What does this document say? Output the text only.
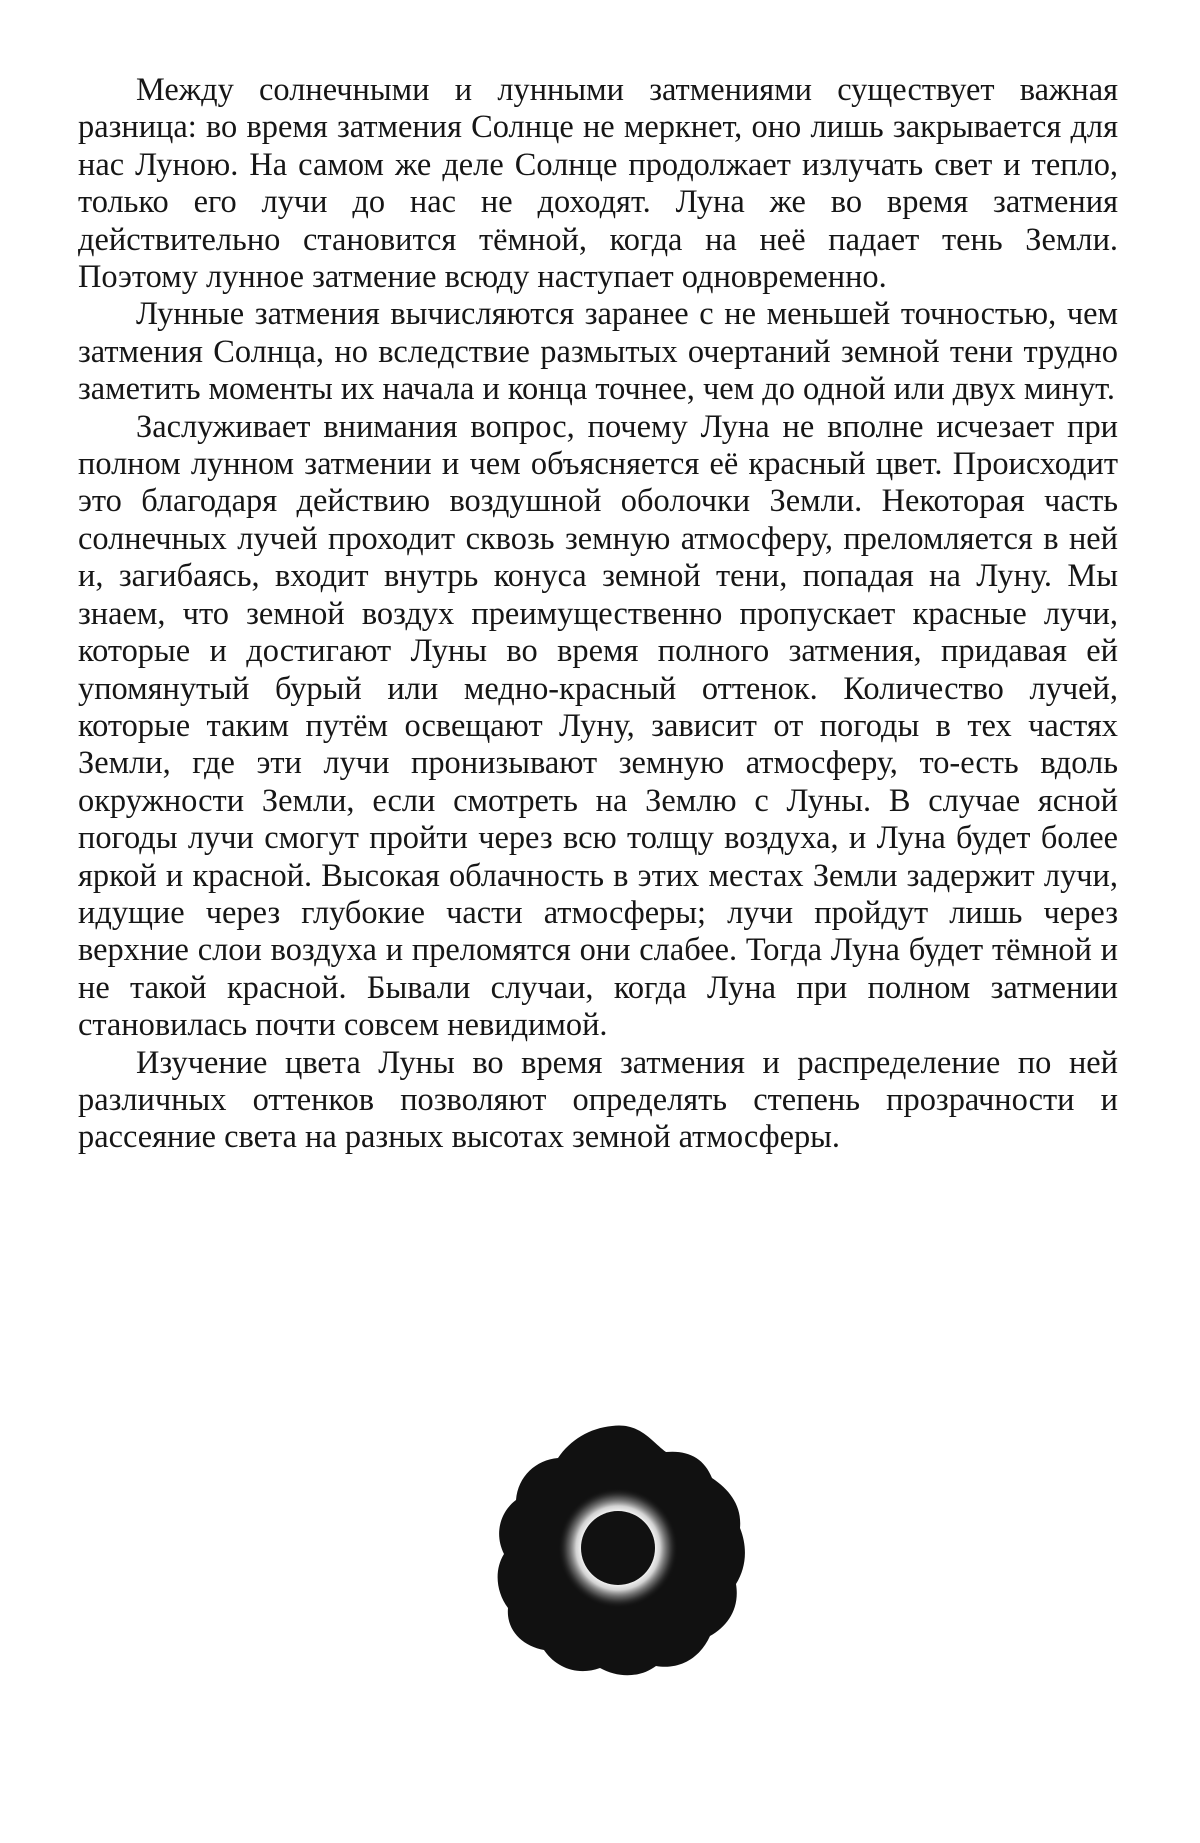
Между солнечными и лунными затмениями существует важная разница: во время затмения Солнце не меркнет, оно лишь закрывается для нас Луною. На самом же деле Солнце продолжает излучать свет и тепло, только его лучи до нас не доходят. Луна же во время затмения действительно становится тёмной, когда на неё падает тень Земли. Поэтому лунное затмение всюду наступает одновременно.

Лунные затмения вычисляются заранее с не меньшей точностью, чем затмения Солнца, но вследствие размытых очертаний земной тени трудно заметить моменты их начала и конца точнее, чем до одной или двух минут.

Заслуживает внимания вопрос, почему Луна не вполне исчезает при полном лунном затмении и чем объясняется её красный цвет. Происходит это благодаря действию воздушной оболочки Земли. Некоторая часть солнечных лучей проходит сквозь земную атмосферу, преломляется в ней и, загибаясь, входит внутрь конуса земной тени, попадая на Луну. Мы знаем, что земной воздух преимущественно пропускает красные лучи, которые и достигают Луны во время полного затмения, придавая ей упомянутый бурый или медно-красный оттенок. Количество лучей, которые таким путём освещают Луну, зависит от погоды в тех частях Земли, где эти лучи пронизывают земную атмосферу, то-есть вдоль окружности Земли, если смотреть на Землю с Луны. В случае ясной погоды лучи смогут пройти через всю толщу воздуха, и Луна будет более яркой и красной. Высокая облачность в этих местах Земли задержит лучи, идущие через глубокие части атмосферы; лучи пройдут лишь через верхние слои воздуха и преломятся они слабее. Тогда Луна будет тёмной и не такой красной. Бывали случаи, когда Луна при полном затмении становилась почти совсем невидимой.

Изучение цвета Луны во время затмения и распределение по ней различных оттенков позволяют определять степень прозрачности и рассеяние света на разных высотах земной атмосферы.
